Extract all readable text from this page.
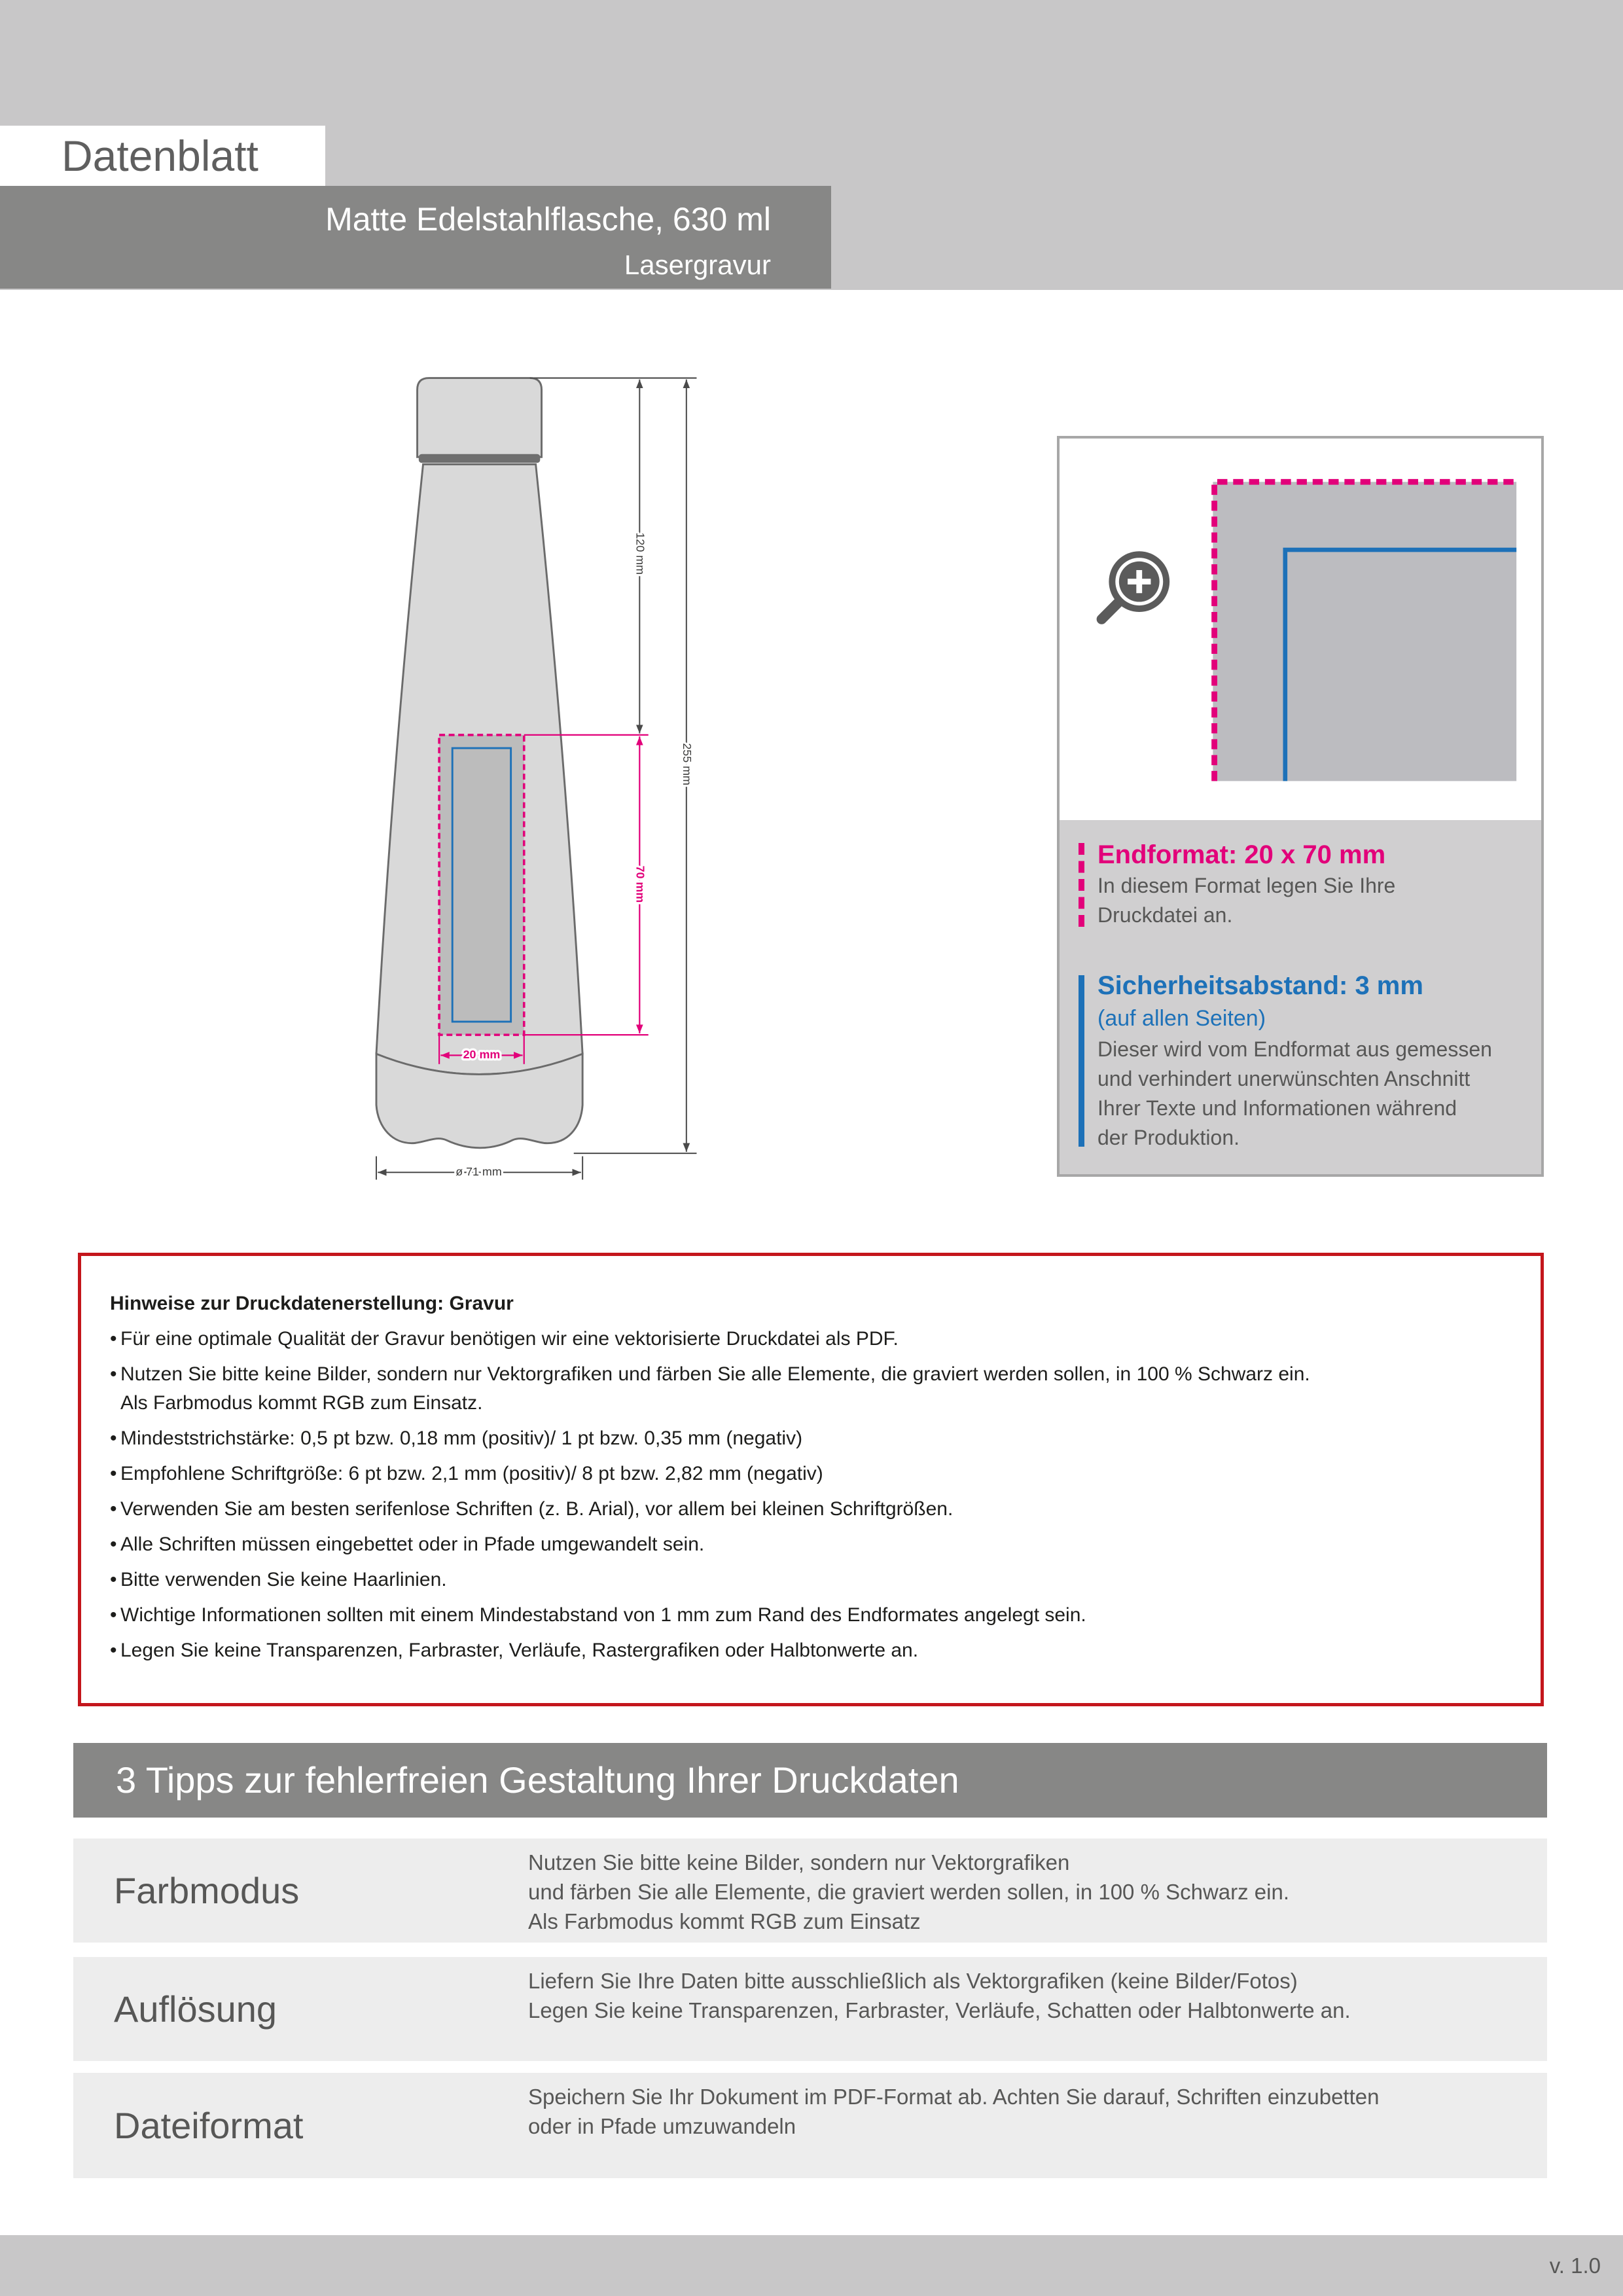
Datenblatt
Matte Edelstahlflasche, 630 ml
Lasergravur
120 mm
255 mm
70 mm
20 mm
ø 71 mm
Endformat: 20 x 70 mm
In diesem Format legen Sie Ihre
Druckdatei an.
Sicherheitsabstand: 3 mm
(auf allen Seiten)
Dieser wird vom Endformat aus gemessen
und verhindert unerwünschten Anschnitt
Ihrer Texte und Informationen während
der Produktion.
Hinweise zur Druckdatenerstellung: Gravur
• Für eine optimale Qualität der Gravur benötigen wir eine vektorisierte Druckdatei als PDF.
• Nutzen Sie bitte keine Bilder, sondern nur Vektorgrafiken und färben Sie alle Elemente, die graviert werden sollen, in 100 % Schwarz ein.
Als Farbmodus kommt RGB zum Einsatz.
• Mindeststrichstärke: 0,5 pt bzw. 0,18 mm (positiv)/ 1 pt bzw. 0,35 mm (negativ)
• Empfohlene Schriftgröße: 6 pt bzw. 2,1 mm (positiv)/ 8 pt bzw. 2,82 mm (negativ)
• Verwenden Sie am besten serifenlose Schriften (z. B. Arial), vor allem bei kleinen Schriftgrößen.
• Alle Schriften müssen eingebettet oder in Pfade umgewandelt sein.
• Bitte verwenden Sie keine Haarlinien.
• Wichtige Informationen sollten mit einem Mindestabstand von 1 mm zum Rand des Endformates angelegt sein.
• Legen Sie keine Transparenzen, Farbraster, Verläufe, Rastergrafiken oder Halbtonwerte an.
3 Tipps zur fehlerfreien Gestaltung Ihrer Druckdaten
Farbmodus
Nutzen Sie bitte keine Bilder, sondern nur Vektorgrafiken
und färben Sie alle Elemente, die graviert werden sollen, in 100 % Schwarz ein.
Als Farbmodus kommt RGB zum Einsatz
Auflösung
Liefern Sie Ihre Daten bitte ausschließlich als Vektorgrafiken (keine Bilder/Fotos)
Legen Sie keine Transparenzen, Farbraster, Verläufe, Schatten oder Halbtonwerte an.
Dateiformat
Speichern Sie Ihr Dokument im PDF-Format ab. Achten Sie darauf, Schriften einzubetten
oder in Pfade umzuwandeln
v. 1.0
